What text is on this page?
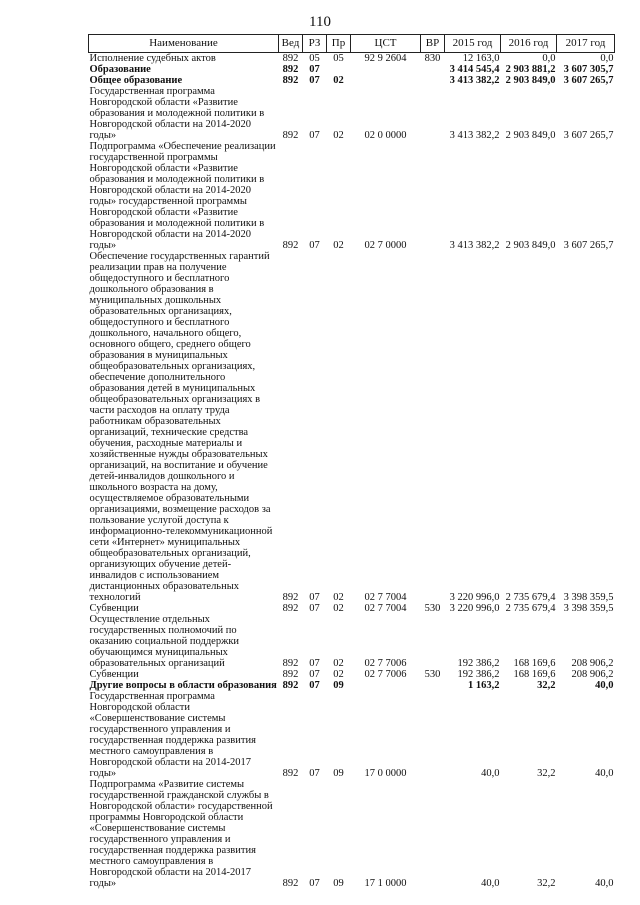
110
Наименование	Вед	РЗ	Пр	ЦСТ	ВР	2015 год	2016 год	2017 год
Исполнение судебных актов	892	05	05	92 9 2604	830	12 163,0	0,0	0,0
Образование	892	07				3 414 545,4	2 903 881,2	3 607 305,7
Общее образование	892	07	02			3 413 382,2	2 903 849,0	3 607 265,7
Государственная программа Новгородской области «Развитие образования и молодежной политики в Новгородской области на 2014-2020 годы»	892	07	02	02 0 0000		3 413 382,2	2 903 849,0	3 607 265,7
Подпрограмма «Обеспечение реализации государственной программы Новгородской области «Развитие образования и молодежной политики в Новгородской области на 2014-2020 годы» государственной программы Новгородской области «Развитие образования и молодежной политики в Новгородской области на 2014-2020 годы»	892	07	02	02 7 0000		3 413 382,2	2 903 849,0	3 607 265,7
Обеспечение государственных гарантий реализации прав на получение общедоступного и бесплатного дошкольного образования в муниципальных дошкольных образовательных организациях, общедоступного и бесплатного дошкольного, начального общего, основного общего, среднего общего образования в муниципальных общеобразовательных организациях, обеспечение дополнительного образования детей в муниципальных общеобразовательных организациях в части расходов на оплату труда работникам образовательных организаций, технические средства обучения, расходные материалы и хозяйственные нужды образовательных организаций, на воспитание и обучение детей-инвалидов дошкольного и школьного возраста на дому, осуществляемое образовательными организациями, возмещение расходов за пользование услугой доступа к информационно-телекоммуникационной сети «Интернет» муниципальных общеобразовательных организаций, организующих обучение детей-инвалидов с использованием дистанционных образовательных технологий	892	07	02	02 7 7004		3 220 996,0	2 735 679,4	3 398 359,5
Субвенции	892	07	02	02 7 7004	530	3 220 996,0	2 735 679,4	3 398 359,5
Осуществление отдельных государственных полномочий по оказанию социальной поддержки обучающимся муниципальных образовательных организаций	892	07	02	02 7 7006		192 386,2	168 169,6	208 906,2
Субвенции	892	07	02	02 7 7006	530	192 386,2	168 169,6	208 906,2
Другие вопросы в области образования	892	07	09			1 163,2	32,2	40,0
Государственная программа Новгородской области «Совершенствование системы государственного управления и государственная поддержка развития местного самоуправления в Новгородской области на 2014-2017 годы»	892	07	09	17 0 0000		40,0	32,2	40,0
Подпрограмма «Развитие системы государственной гражданской службы в Новгородской области» государственной программы Новгородской области «Совершенствование системы государственного управления и государственная поддержка развития местного самоуправления в Новгородской области на 2014-2017 годы»	892	07	09	17 1 0000		40,0	32,2	40,0
